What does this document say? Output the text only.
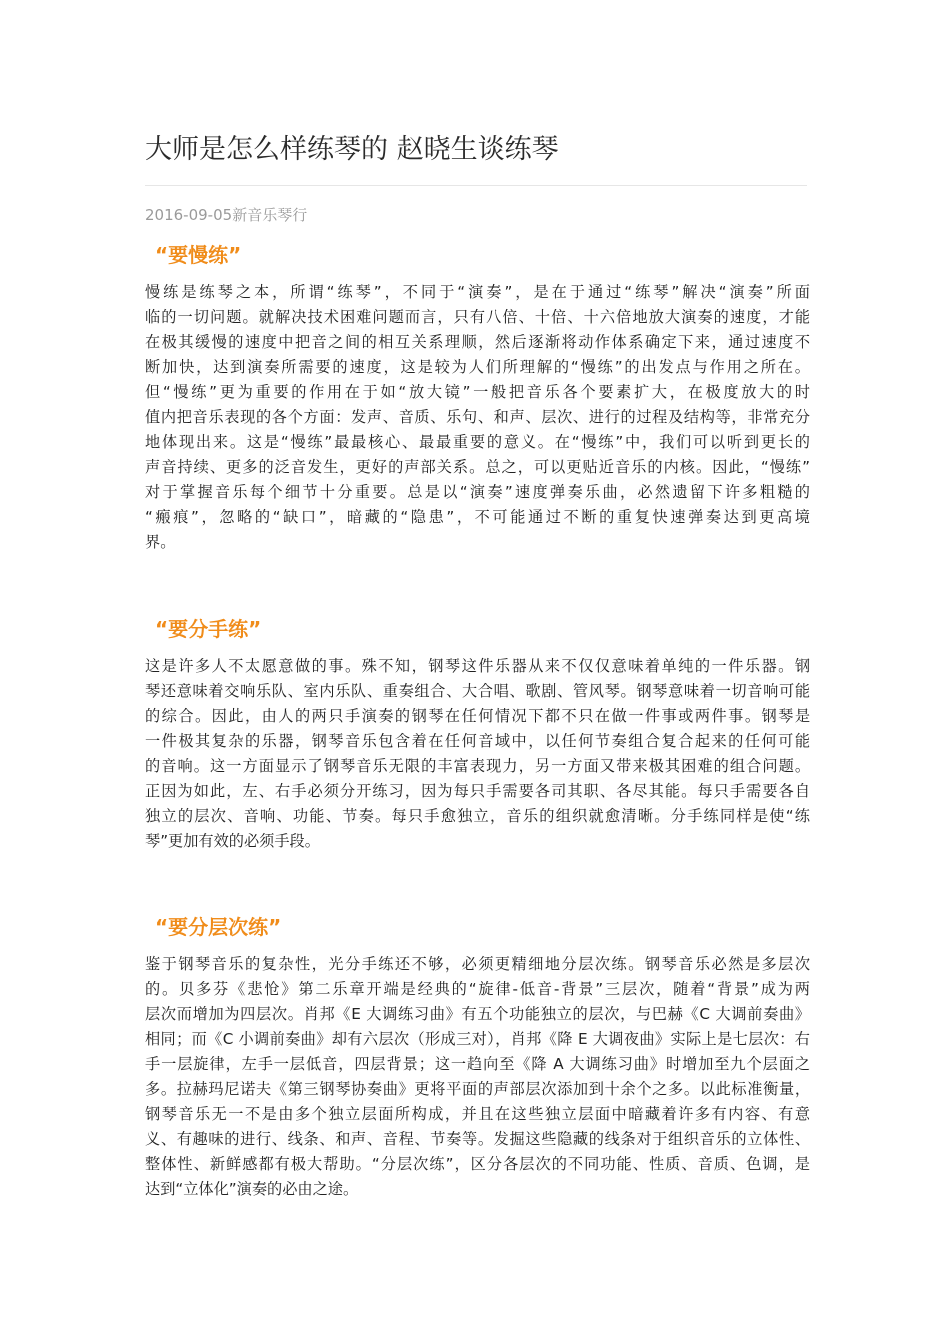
大师是怎么样练琴的 赵晓生谈练琴
2016-09-05新音乐琴行
“要慢练”
慢练是练琴之本，所谓“练琴”，不同于“演奏”，是在于通过“练琴”解决“演奏”所面
临的一切问题。就解决技术困难问题而言，只有八倍、十倍、十六倍地放大演奏的速度，才能
在极其缓慢的速度中把音之间的相互关系理顺，然后逐渐将动作体系确定下来，通过速度不
断加快，达到演奏所需要的速度，这是较为人们所理解的“慢练”的出发点与作用之所在。
但“慢练”更为重要的作用在于如“放大镜”一般把音乐各个要素扩大，在极度放大的时
值内把音乐表现的各个方面：发声、音质、乐句、和声、层次、进行的过程及结构等，非常充分
地体现出来。这是“慢练”最最核心、最最重要的意义。在“慢练”中，我们可以听到更长的
声音持续、更多的泛音发生，更好的声部关系。总之，可以更贴近音乐的内核。因此，“慢练”
对于掌握音乐每个细节十分重要。总是以“演奏”速度弹奏乐曲，必然遗留下许多粗糙的
“瘢痕”，忽略的“缺口”，暗藏的“隐患”，不可能通过不断的重复快速弹奏达到更高境
界。
“要分手练”
这是许多人不太愿意做的事。殊不知，钢琴这件乐器从来不仅仅意味着单纯的一件乐器。钢
琴还意味着交响乐队、室内乐队、重奏组合、大合唱、歌剧、管风琴。钢琴意味着一切音响可能
的综合。因此，由人的两只手演奏的钢琴在任何情况下都不只在做一件事或两件事。钢琴是
一件极其复杂的乐器，钢琴音乐包含着在任何音域中，以任何节奏组合复合起来的任何可能
的音响。这一方面显示了钢琴音乐无限的丰富表现力，另一方面又带来极其困难的组合问题。
正因为如此，左、右手必须分开练习，因为每只手需要各司其职、各尽其能。每只手需要各自
独立的层次、音响、功能、节奏。每只手愈独立，音乐的组织就愈清晰。分手练同样是使“练
琴”更加有效的必须手段。
“要分层次练”
鉴于钢琴音乐的复杂性，光分手练还不够，必须更精细地分层次练。钢琴音乐必然是多层次
的。贝多芬《悲怆》第二乐章开端是经典的“旋律-低音-背景”三层次，随着“背景”成为两
层次而增加为四层次。肖邦《E 大调练习曲》有五个功能独立的层次，与巴赫《C 大调前奏曲》
相同；而《C 小调前奏曲》却有六层次（形成三对），肖邦《降 E 大调夜曲》实际上是七层次：右
手一层旋律，左手一层低音，四层背景；这一趋向至《降 A 大调练习曲》时增加至九个层面之
多。拉赫玛尼诺夫《第三钢琴协奏曲》更将平面的声部层次添加到十余个之多。以此标准衡量，
钢琴音乐无一不是由多个独立层面所构成，并且在这些独立层面中暗藏着许多有内容、有意
义、有趣味的进行、线条、和声、音程、节奏等。发掘这些隐藏的线条对于组织音乐的立体性、
整体性、新鲜感都有极大帮助。“分层次练”，区分各层次的不同功能、性质、音质、色调，是
达到“立体化”演奏的必由之途。
